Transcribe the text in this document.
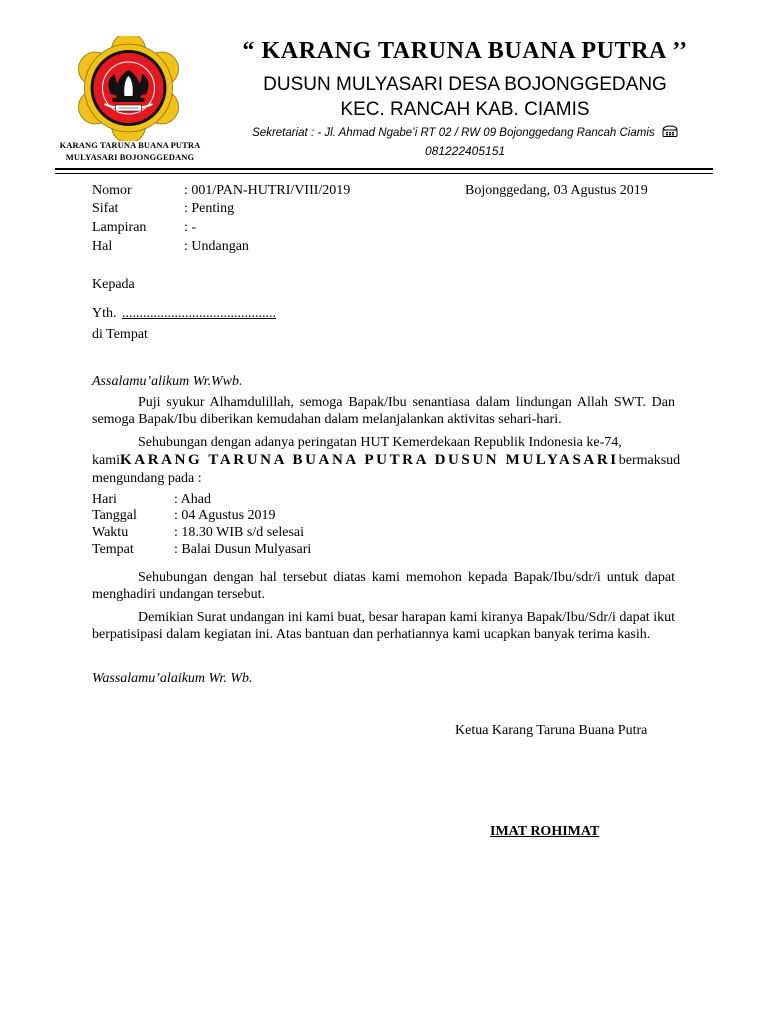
KARANG TARUNA BUANA PUTRA
MULYASARI BOJONGGEDANG
“ KARANG TARUNA BUANA PUTRA ’’
DUSUN MULYASARI DESA BOJONGGEDANG
KEC. RANCAH KAB. CIAMIS
Sekretariat : - Jl. Ahmad Ngabe’i RT 02 / RW 09 Bojonggedang Rancah Ciamis
081222405151
Nomor	: 001/PAN-HUTRI/VIII/2019	Bojonggedang, 03 Agustus 2019
Sifat	: Penting
Lampiran	: -
Hal	: Undangan
Kepada
Yth. ............................................
di Tempat
Assalamu’alikum Wr.Wwb.
Puji syukur Alhamdulillah, semoga Bapak/Ibu senantiasa dalam lindungan Allah SWT. Dan semoga Bapak/Ibu diberikan kemudahan dalam melanjalankan aktivitas sehari-hari.
Sehubungan dengan adanya peringatan HUT Kemerdekaan Republik Indonesia ke-74,
kami KARANG TARUNA BUANA PUTRA DUSUN MULYASARI bermaksud
mengundang pada :
Hari	: Ahad
Tanggal	: 04 Agustus 2019
Waktu	: 18.30 WIB s/d selesai
Tempat	: Balai Dusun Mulyasari
Sehubungan dengan hal tersebut diatas kami memohon kepada Bapak/Ibu/sdr/i untuk dapat menghadiri undangan tersebut.
Demikian Surat undangan ini kami buat, besar harapan kami kiranya Bapak/Ibu/Sdr/i dapat ikut berpatisipasi dalam kegiatan ini. Atas bantuan dan perhatiannya kami ucapkan banyak terima kasih.
Wassalamu’alaikum Wr. Wb.
Ketua Karang Taruna Buana Putra
IMAT ROHIMAT
